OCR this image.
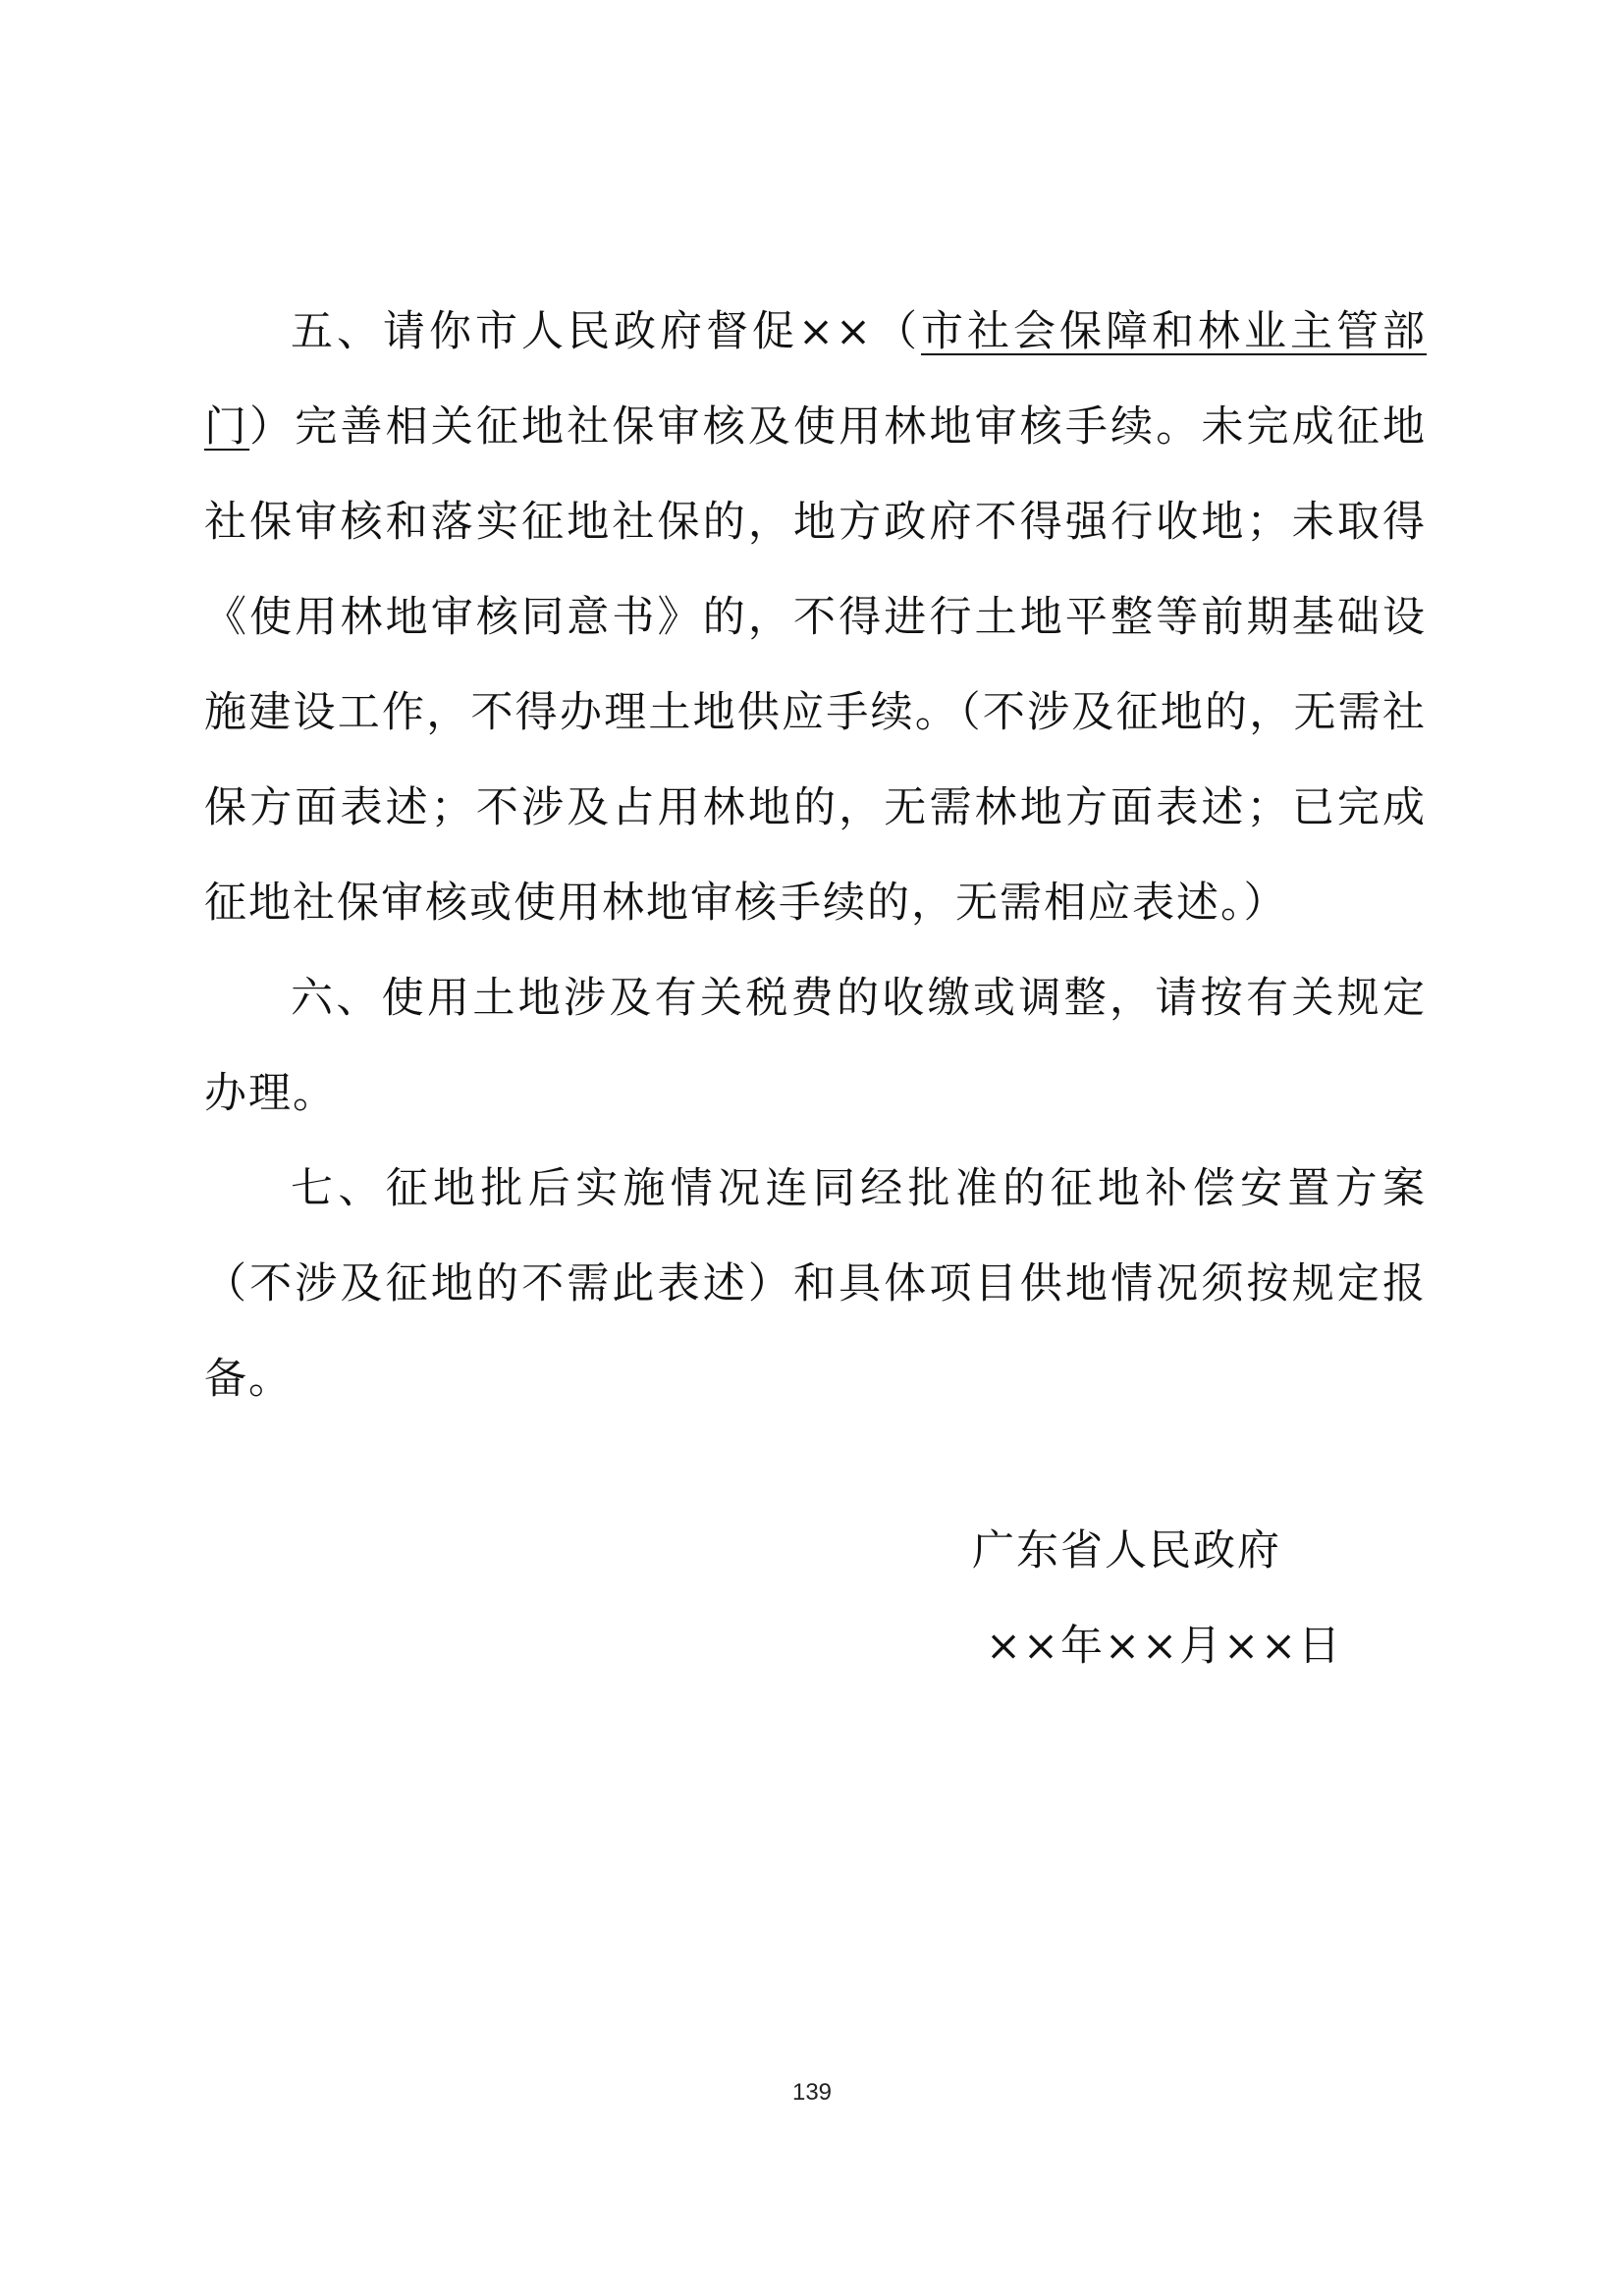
五、请你市人民政府督促××（市社会保障和林业主管部门）完善相关征地社保审核及使用林地审核手续。未完成征地社保审核和落实征地社保的，地方政府不得强行收地；未取得《使用林地审核同意书》的，不得进行土地平整等前期基础设施建设工作，不得办理土地供应手续。（不涉及征地的，无需社保方面表述；不涉及占用林地的，无需林地方面表述；已完成征地社保审核或使用林地审核手续的，无需相应表述。）

六、使用土地涉及有关税费的收缴或调整，请按有关规定办理。

七、征地批后实施情况连同经批准的征地补偿安置方案（不涉及征地的不需此表述）和具体项目供地情况须按规定报备。

广东省人民政府

××年××月××日

139
